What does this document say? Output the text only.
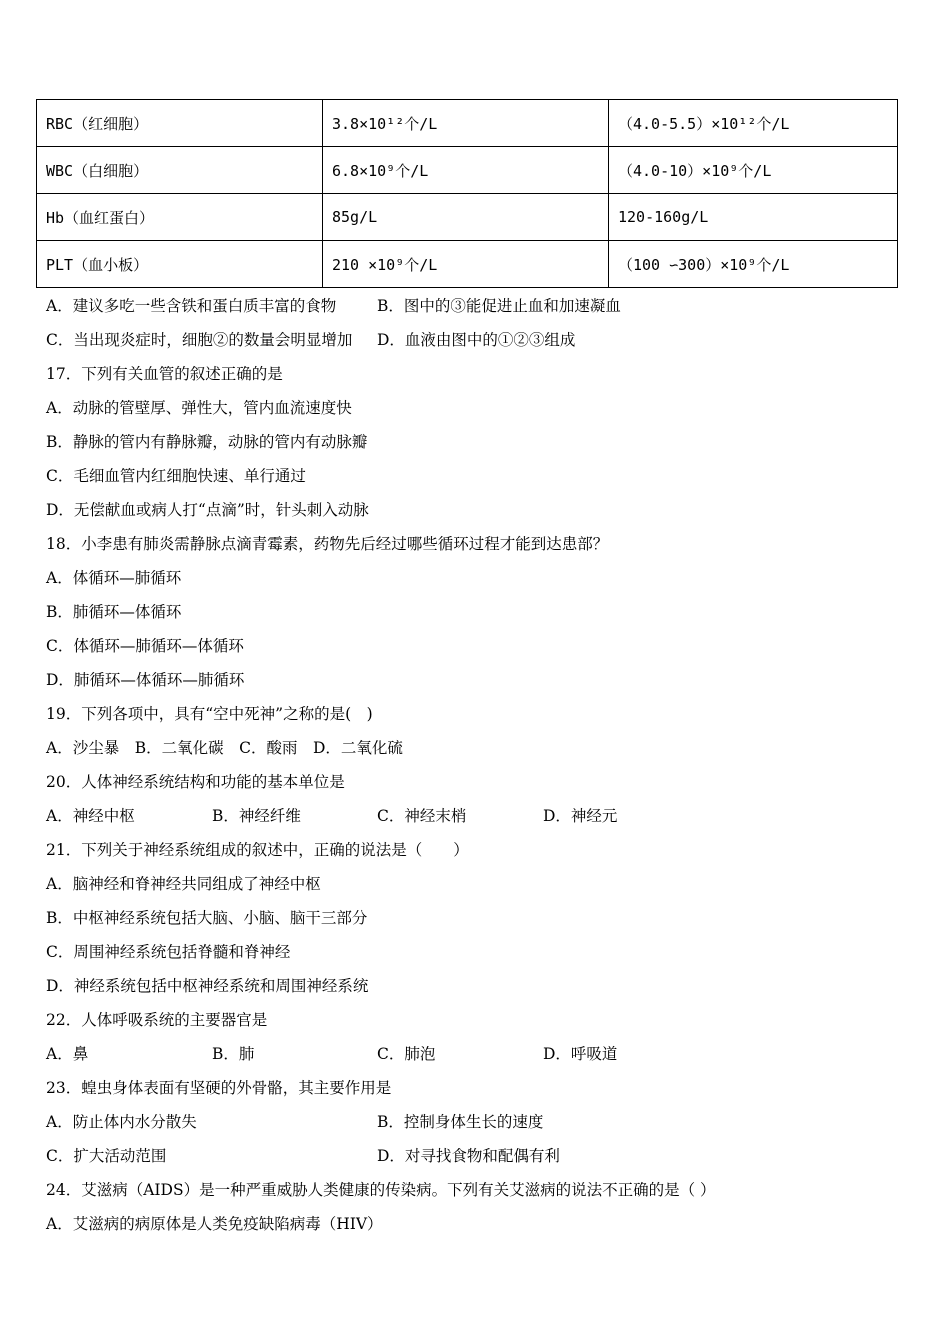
RBC（红细胞）	3.8×10¹²个/L	（4.0-5.5）×10¹²个/L
WBC（白细胞）	6.8×10⁹个/L	（4.0-10）×10⁹个/L
Hb（血红蛋白）	85g/L	120-160g/L
PLT（血小板）	210 ×10⁹个/L	（100 ∽300）×10⁹个/L
A．建议多吃一些含铁和蛋白质丰富的食物	B．图中的③能促进止血和加速凝血
C．当出现炎症时，细胞②的数量会明显增加 D．血液由图中的①②③组成
17．下列有关血管的叙述正确的是
A．动脉的管壁厚、弹性大，管内血流速度快
B．静脉的管内有静脉瓣，动脉的管内有动脉瓣
C．毛细血管内红细胞快速、单行通过
D．无偿献血或病人打“点滴”时，针头刺入动脉
18．小李患有肺炎需静脉点滴青霉素，药物先后经过哪些循环过程才能到达患部？
A．体循环—肺循环
B．肺循环—体循环
C．体循环—肺循环—体循环
D．肺循环—体循环—肺循环
19．下列各项中，具有“空中死神”之称的是(　)
A．沙尘暴　B．二氧化碳　C．酸雨　D．二氧化硫
20．人体神经系统结构和功能的基本单位是
A．神经中枢	B．神经纤维	C．神经末梢	D．神经元
21．下列关于神经系统组成的叙述中，正确的说法是（　　）
A．脑神经和脊神经共同组成了神经中枢
B．中枢神经系统包括大脑、小脑、脑干三部分
C．周围神经系统包括脊髓和脊神经
D．神经系统包括中枢神经系统和周围神经系统
22．人体呼吸系统的主要器官是
A．鼻	B．肺	C．肺泡	D．呼吸道
23．蝗虫身体表面有坚硬的外骨骼，其主要作用是
A．防止体内水分散失	B．控制身体生长的速度
C．扩大活动范围	D．对寻找食物和配偶有利
24．艾滋病（AIDS）是一种严重威胁人类健康的传染病。下列有关艾滋病的说法不正确的是（ ）
A．艾滋病的病原体是人类免疫缺陷病毒（HIV）
